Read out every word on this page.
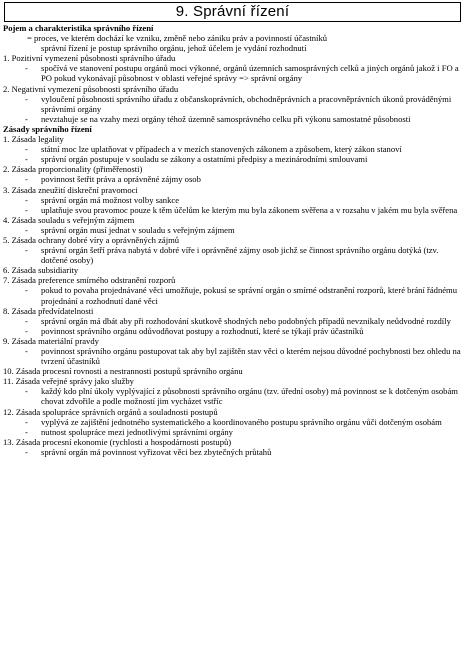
9. Správní řízení

Pojem a charakteristika správního řízení

= proces, ve kterém dochází ke vzniku, změně nebo zániku práv a povinností účastníků

správní řízení je postup správního orgánu, jehož účelem je vydání rozhodnutí

1. Pozitivní vymezení působnosti správního úřadu

- spočívá ve stanovení postupu orgánů moci výkonné, orgánů územních samosprávných celků a jiných orgánů jakož i FO a PO pokud vykonávají působnost v oblasti veřejné správy => správní orgány

2. Negativní vymezení působnosti správního úřadu

- vyloučení působnosti správního úřadu z občanskoprávních, obchodněprávních a pracovněprávních úkonů prováděnými správními orgány

- nevztahuje se na vzahy mezi orgány téhož územně samosprávného celku při výkonu samostatné působnosti

Zásady správního řízení

1. Zásada legality

- státní moc lze uplatňovat v případech a v mezích stanovených zákonem a způsobem, který zákon stanoví

- správní orgán postupuje v souladu se zákony a ostatními předpisy a mezinárodními smlouvami

2. Zásada proporcionality (přiměřenosti)

- povinnost šetřit práva a oprávněné zájmy osob

3. Zásada zneužití diskreční pravomoci

- správní orgán má možnost volby sankce

- uplatňuje svou pravomoc pouze k těm účelům ke kterým mu byla zákonem svěřena a v rozsahu v jakém mu byla svěřena

4. Zásada souladu s veřejným zájmem

- správní orgán musí jednat v souladu s veřejným zájmem

5. Zásada ochrany dobré víry a oprávněných zájmů

- správní orgán šetří práva nabytá v dobré víře i oprávněné zájmy osob jichž se činnost správního orgánu dotýká (tzv. dotčené osoby)

6. Zásada subsidiarity

7. Zásada preference smírného odstranění rozporů

- pokud to povaha projednávané věci umožňuje, pokusí se správní orgán o smírné odstranění rozporů, které brání řádnému projednání a rozhodnutí dané věci

8. Zásada předvídatelnosti

- správní orgán má dbát aby při rozhodování skutkově shodných nebo podobných případů nevznikaly neůdvodné rozdíly

- povinnost správního orgánu odůvodňovat postupy a rozhodnutí, které se týkají práv účastníků

9. Zásada materiální pravdy

- povinnost správního orgánu postupovat tak aby byl zajištěn stav věci o kterém nejsou důvodné pochybnosti bez ohledu na tvrzení účastníků

10. Zásada procesní rovnosti a nestrannosti postupů správního orgánu

11. Zásada veřejné správy jako služby

- každý kdo plní úkoly vyplývající z působnosti správního orgánu (tzv. úřední osoby) má povinnost se k dotčeným osobám chovat zdvořile a podle možností jim vycházet vstříc

12. Zásada spolupráce správních orgánů a souladnosti postupů

- vyplývá ze zajištění jednotného systematického a koordinovaného postupu správního orgánu vůči dotčeným osobám

- nutnost spolupráce mezi jednotlivými správními orgány

13. Zásada procesní ekonomie (rychlosti a hospodárnosti postupů)

- správní orgán má povinnost vyřizovat věci bez zbytečných průtahů
